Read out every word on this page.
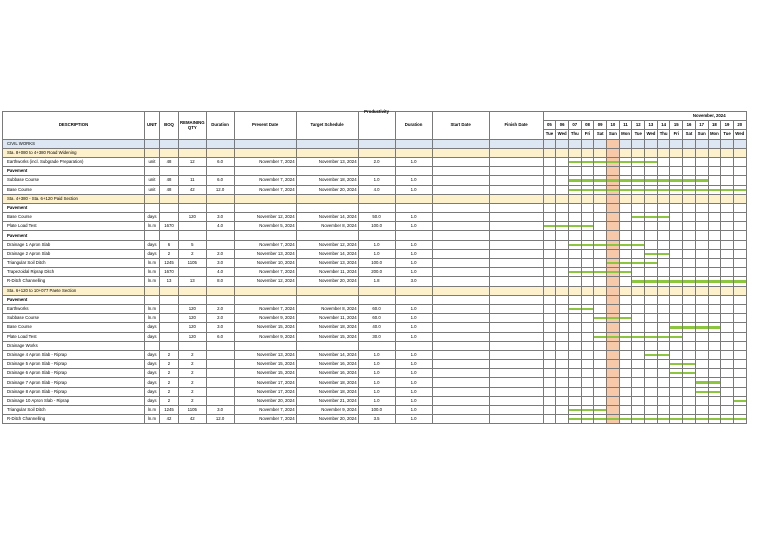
DESCRIPTION	UNIT	BOQ	REMAINING QTY	Duration	Present Date	Target Schedule	Productivity	Duration	Start Date	Finish Date	November, 2024															
											05	06	07	08	09	10	11	12	13	14	15	16	17	18	19	20
											Tue	Wed	Thu	Fri	Sat	Sun	Mon	Tue	Wed	Thu	Fri	Sat	Sun	Mon	Tue	Wed
CIVIL WORKS																										
Sta. 8+080 to 4+380 Road Widening																										
Earthworks (incl. Subgrade Preparation)	unit	48	12	6.0	November 7, 2024	November 13, 2024	2.0	1.0																		
Pavement																										
Subbase Course	unit	48	11	6.0	November 7, 2024	November 18, 2024	1.0	1.0																		
Base Course	unit	48	42	12.0	November 7, 2024	November 20, 2024	4.0	1.0																		
Sta. 4+380 - Sta. 6+120 Paid Section																										
Pavement																										
Base Course	days		120	3.0	November 12, 2024	November 14, 2024	50.0	1.0																		
Plate Load Test	ln.m	1670		4.0	November 5, 2024	November 8, 2024	100.0	1.0																		
Pavement																										
Drainage 1 Apron Slab	days	6	5		November 7, 2024	November 12, 2024	1.0	1.0																		
Drainage 2 Apron Slab	days	2	2	2.0	November 13, 2024	November 14, 2024	1.0	1.0																		
Triangular Soil Ditch	ln.m	1245	1105	3.0	November 10, 2024	November 13, 2024	100.0	1.0																		
Trapezoidal Riprap Ditch	ln.m	1670		4.0	November 7, 2024	November 11, 2024	200.0	1.0																		
R-Ditch Channelling	ln.m	13	13	8.0	November 12, 2024	November 20, 2024	1.8	3.0																		
Sta. 6+120 to 10+077 Paete Section																										
Pavement																										
Earthworks	ln.m		120	2.0	November 7, 2024	November 8, 2024	60.0	1.0																		
Subbase Course	ln.m		120	2.0	November 9, 2024	November 11, 2024	60.0	1.0																		
Base Course	days		120	3.0	November 15, 2024	November 18, 2024	40.0	1.0																		
Plate Load Test	days		120	6.0	November 9, 2024	November 15, 2024	30.0	1.0																		
Drainage Works																										
Drainage 4 Apron Slab - Riprap	days	2	2		November 13, 2024	November 14, 2024	1.0	1.0																		
Drainage 5 Apron Slab - Riprap	days	2	2		November 15, 2024	November 16, 2024	1.0	1.0																		
Drainage 6 Apron Slab - Riprap	days	2	2		November 15, 2024	November 16, 2024	1.0	1.0																		
Drainage 7 Apron Slab - Riprap	days	2	2		November 17, 2024	November 18, 2024	1.0	1.0																		
Drainage 8 Apron Slab - Riprap	days	2	2		November 17, 2024	November 18, 2024	1.0	1.0																		
Drainage 10 Apron Slab - Riprap	days	2	2		November 20, 2024	November 21, 2024	1.0	1.0																		
Triangular Soil Ditch	ln.m	1245	1105	3.0	November 7, 2024	November 9, 2024	100.0	1.0																		
R-Ditch Channelling	ln.m	42	42	12.0	November 7, 2024	November 20, 2024	3.5	1.0																		
